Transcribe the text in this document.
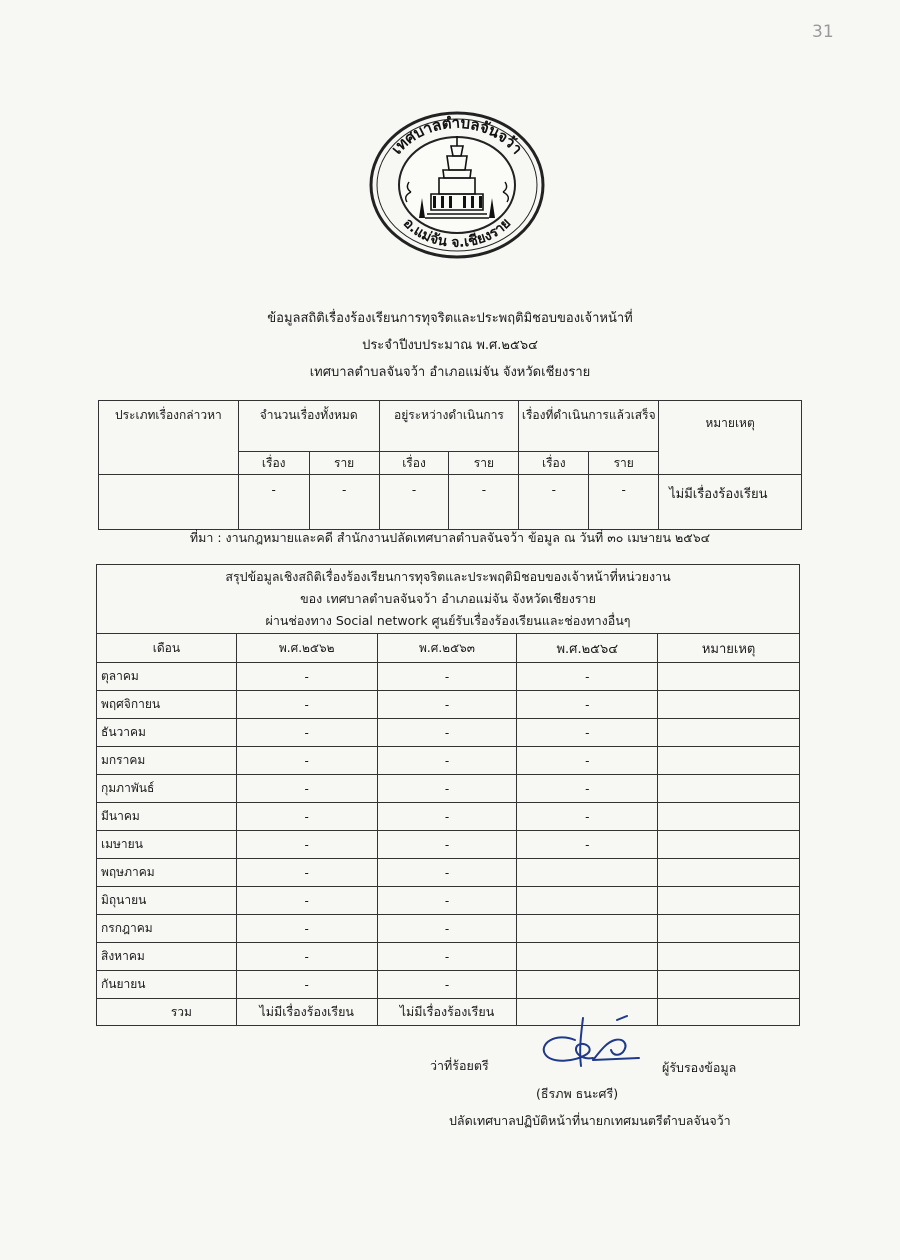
31
เทศบาลตำบลจันจว้า
อ.แม่จัน จ.เชียงราย
ข้อมูลสถิติเรื่องร้องเรียนการทุจริตและประพฤติมิชอบของเจ้าหน้าที่
ประจำปีงบประมาณ พ.ศ.๒๕๖๔
เทศบาลตำบลจันจว้า อำเภอแม่จัน จังหวัดเชียงราย
ประเภทเรื่องกล่าวหา	จำนวนเรื่องทั้งหมด		อยู่ระหว่างดำเนินการ		เรื่องที่ดำเนินการแล้วเสร็จ		หมายเหตุ
	เรื่อง	ราย	เรื่อง	ราย	เรื่อง	ราย	
	-	-	-	-	-	-	ไม่มีเรื่องร้องเรียน
ที่มา : งานกฎหมายและคดี สำนักงานปลัดเทศบาลตำบลจันจว้า ข้อมูล ณ วันที่ ๓๐ เมษายน ๒๕๖๔
สรุปข้อมูลเชิงสถิติเรื่องร้องเรียนการทุจริตและประพฤติมิชอบของเจ้าหน้าที่หน่วยงาน
ของ เทศบาลตำบลจันจว้า อำเภอแม่จัน จังหวัดเชียงราย
ผ่านช่องทาง Social network ศูนย์รับเรื่องร้องเรียนและช่องทางอื่นๆ				

เดือน	พ.ศ.๒๕๖๒	พ.ศ.๒๕๖๓	พ.ศ.๒๕๖๔	หมายเหตุ
ตุลาคม	-	-	-	
พฤศจิกายน	-	-	-	
ธันวาคม	-	-	-	
มกราคม	-	-	-	
กุมภาพันธ์	-	-	-	
มีนาคม	-	-	-	
เมษายน	-	-	-	
พฤษภาคม	-	-		
มิถุนายน	-	-		
กรกฎาคม	-	-		
สิงหาคม	-	-		
กันยายน	-	-		
รวม	ไม่มีเรื่องร้องเรียน	ไม่มีเรื่องร้องเรียน		
ว่าที่ร้อยตรี	ผู้รับรองข้อมูล
(ธีรภพ ธนะศรี)
ปลัดเทศบาลปฏิบัติหน้าที่นายกเทศมนตรีตำบลจันจว้า
